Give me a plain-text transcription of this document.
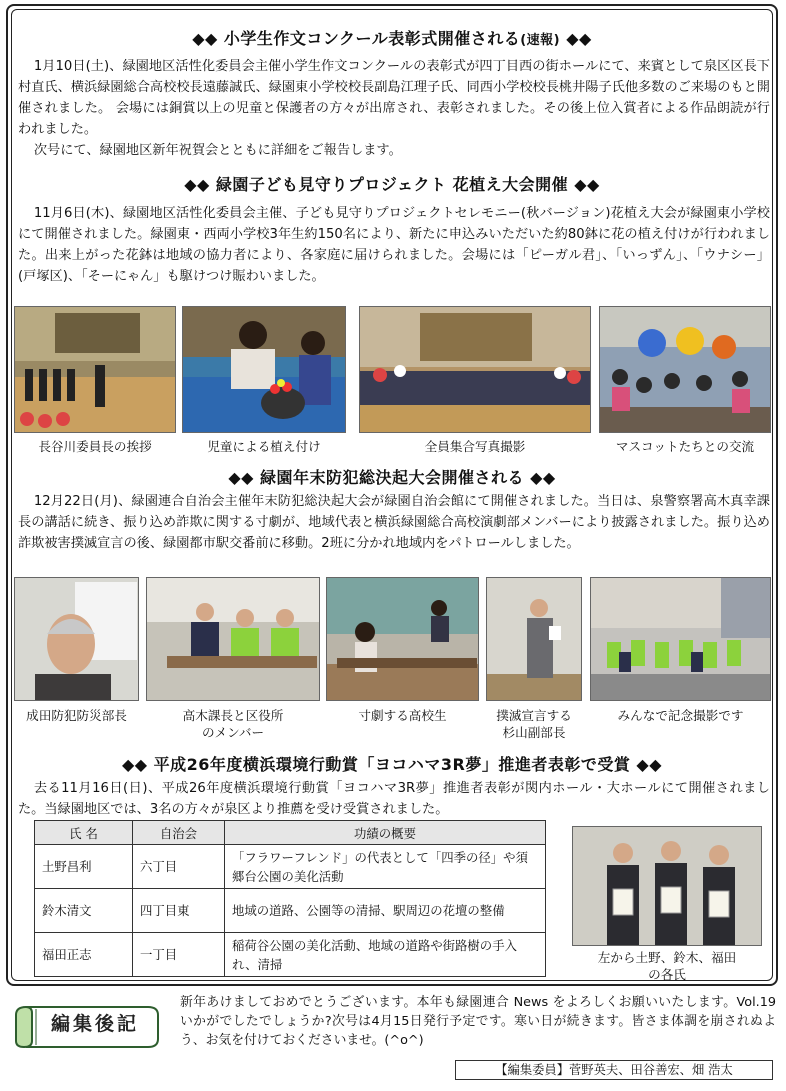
◆◆ 小学生作文コンクール表彰式開催される(速報) ◆◆

1月10日(土)、緑園地区活性化委員会主催小学生作文コンクールの表彰式が四丁目西の街ホールにて、来賓として泉区区長下村直氏、横浜緑園総合高校校長遠藤誠氏、緑園東小学校校長副島江理子氏、同西小学校校長桃井陽子氏他多数のご来場のもと開催されました。 会場には銅賞以上の児童と保護者の方々が出席され、表彰されました。その後上位入賞者による作品朗読が行われました。

次号にて、緑園地区新年祝賀会とともに詳細をご報告します。

◆◆ 緑園子ども見守りプロジェクト 花植え大会開催 ◆◆

11月6日(木)、緑園地区活性化委員会主催、子ども見守りプロジェクトセレモニー(秋バージョン)花植え大会が緑園東小学校にて開催されました。緑園東・西両小学校3年生約150名により、新たに申込みいただいた約80鉢に花の植え付けが行われました。出来上がった花鉢は地域の協力者により、各家庭に届けられました。会場には「ピーガル君」、「いっずん」、「ウナシー」(戸塚区)、「そーにゃん」も駆けつけ賑わいました。

長谷川委員長の挨拶	児童による植え付け	全員集合写真撮影	マスコットたちとの交流
◆◆ 緑園年末防犯総決起大会開催される ◆◆

12月22日(月)、緑園連合自治会主催年末防犯総決起大会が緑園自治会館にて開催されました。当日は、泉警察署高木真幸課長の講話に続き、振り込め詐欺に関する寸劇が、地域代表と横浜緑園総合高校演劇部メンバーにより披露されました。振り込め詐欺被害撲滅宣言の後、緑園都市駅交番前に移動。2班に分かれ地域内をパトロールしました。

成田防犯防災部長	高木課長と区役所
のメンバー
寸劇する高校生	撲滅宣言する
杉山副部長
みんなで記念撮影です
◆◆ 平成26年度横浜環境行動賞「ヨコハマ3R夢」推進者表彰で受賞 ◆◆

去る11月16日(日)、平成26年度横浜環境行動賞「ヨコハマ3R夢」推進者表彰が関内ホール・大ホールにて開催されました。当緑園地区では、3名の方々が泉区より推薦を受け受賞されました。

氏 名	自治会	功績の概要
土野昌利	六丁目	「フラワーフレンド」の代表として「四季の径」や須郷台公園の美化活動
鈴木清文	四丁目東	地域の道路、公園等の清掃、駅周辺の花壇の整備
福田正志	一丁目	稲荷谷公園の美化活動、地域の道路や街路樹の手入れ、清掃	左から土野、鈴木、福田
の各氏
編集後記
新年あけましておめでとうございます。本年も緑園連合 News をよろしくお願いいたします。Vol.19 いかがでしたでしょうか?次号は4月15日発行予定です。寒い日が続きます。皆さま体調を崩されぬよう、お気を付けておくださいませ。(^o^)
【編集委員】菅野英夫、田谷善宏、畑 浩太
